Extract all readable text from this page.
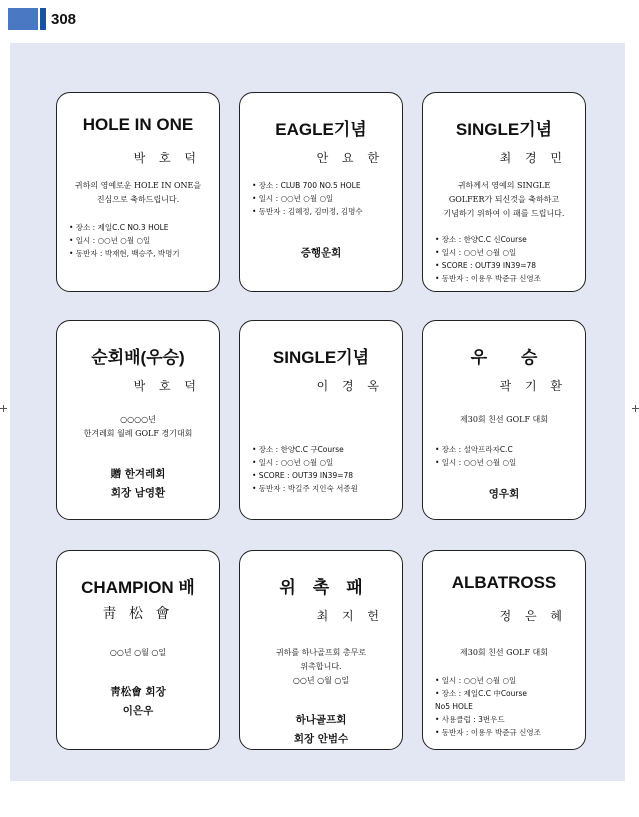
308
HOLE IN ONE
박 호 덕
귀하의 영예로운 HOLE IN ONE을
진심으로 축하드립니다.
• 장소 : 제일C.C NO.3 HOLE
• 일시 : ○○년 ○월 ○일
• 동반자 : 박재현, 백승주, 박명기
EAGLE기념
안 요 한
• 장소 : CLUB 700 NO.5 HOLE
• 일시 : ○○년 ○월 ○일
• 동반자 : 김혜정, 김미정, 김명수
증행운회
SINGLE기념
최 경 민
귀하께서 영예의 SINGLE
GOLFER가 되신것을 축하하고
기념하기 위하여 이 패를 드립니다.
• 장소 : 한양C.C 신Course
• 일시 : ○○년 ○월 ○일
• SCORE : OUT39 IN39=78
• 동반자 : 이용우 박준규 신영조
순회배(우승)
박 호 덕
○○○○년
한겨레회 월례 GOLF 경기대회
贈 한겨레회
회장 남영환
SINGLE기념
이 경 옥
• 장소 : 한양C.C 구Course
• 일시 : ○○년 ○월 ○일
• SCORE : OUT39 IN39=78
• 동반자 : 박길주 지인숙 서종원
우　　승
곽 기 환
제30회 친선 GOLF 대회
• 장소 : 설악프라자C.C
• 일시 : ○○년 ○월 ○일
영우회
CHAMPION 배
靑 松 會
○○년 ○월 ○일
靑松會 회장
이은우
위　촉　패
최 지 헌
귀하를 하나골프회 총무로
위촉합니다.
○○년 ○월 ○일
하나골프회
회장 안범수
ALBATROSS
정 은 혜
제30회 친선 GOLF 대회
• 일시 : ○○년 ○월 ○일
• 장소 : 제일C.C 中Course
No5 HOLE
• 사용클럽 : 3번우드
• 동반자 : 이용우 박준규 신영조
